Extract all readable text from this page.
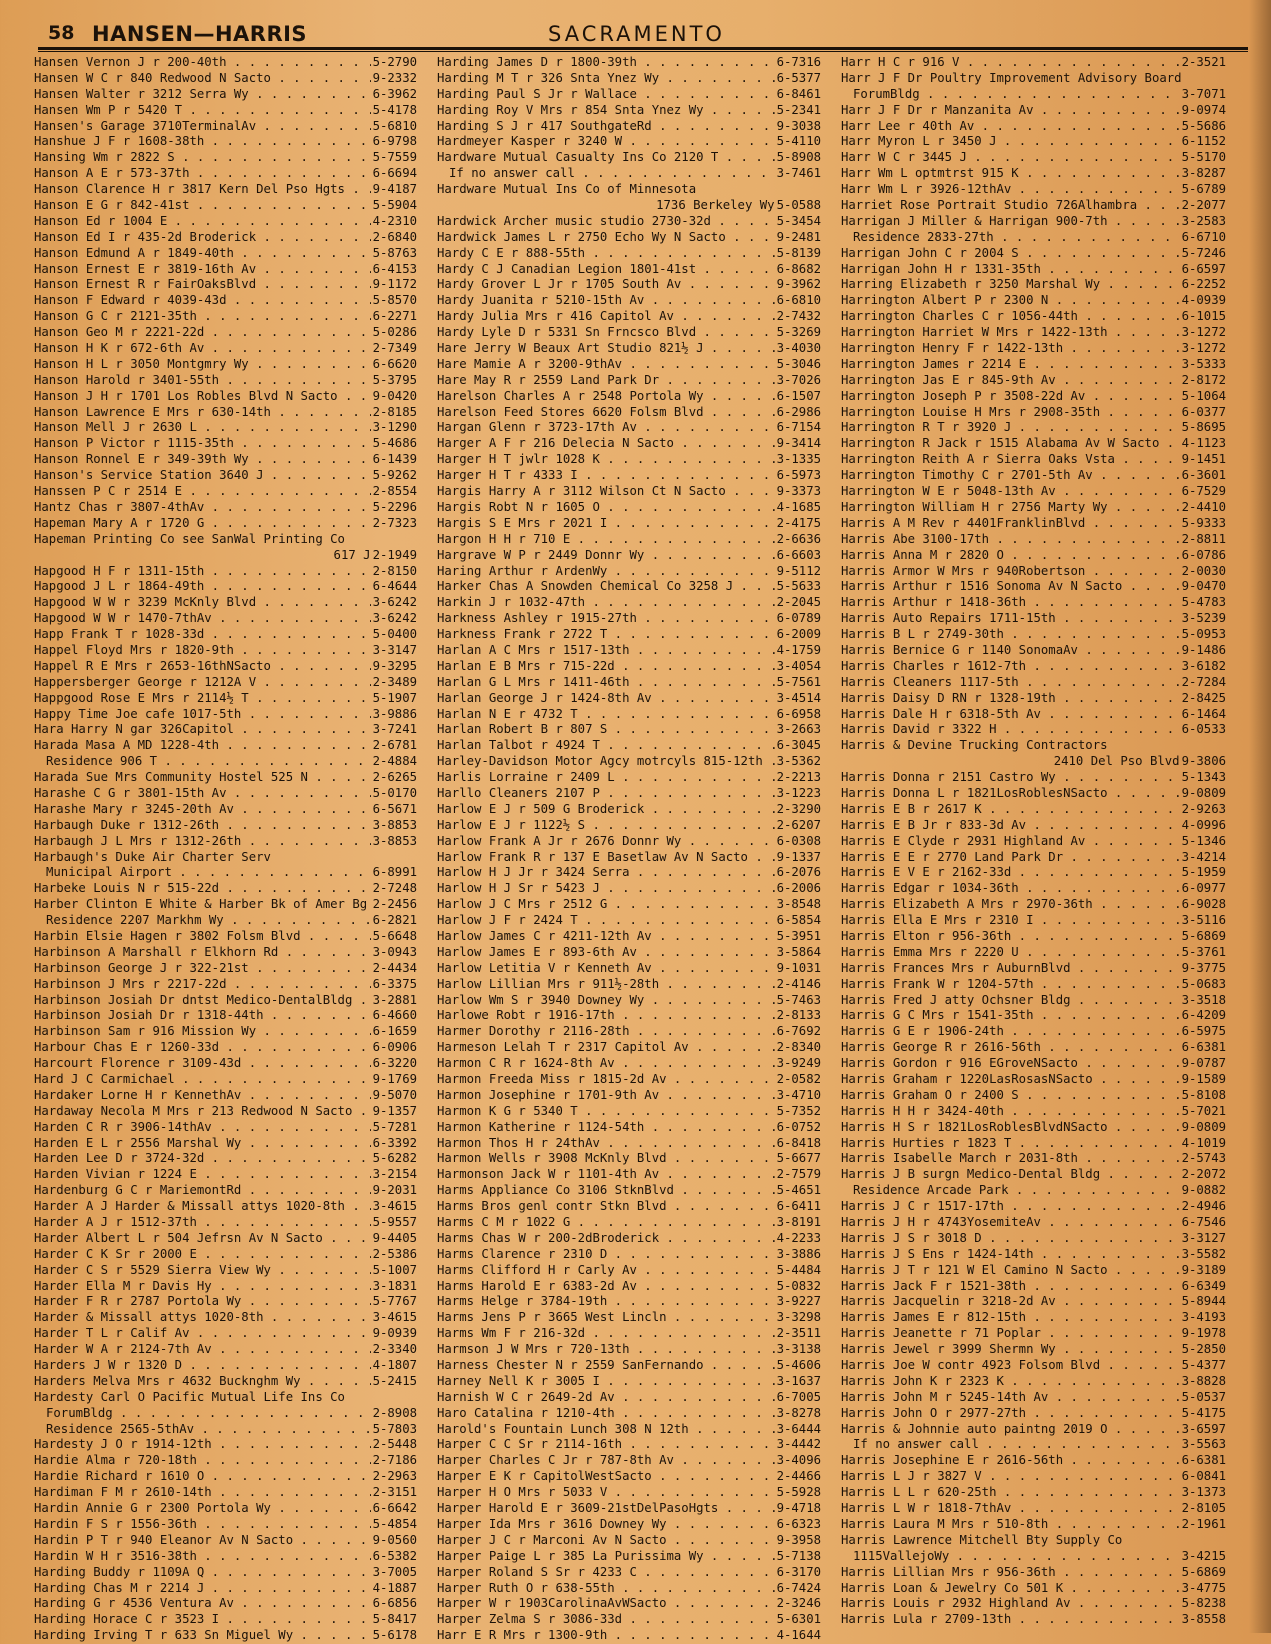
58 HANSEN—HARRIS	SACRAMENTO
Hansen Vernon J r 200-40th . . .	5-2790
Hansen W C r 840 Redwood N Sacto . . .	9-2332
Hansen Walter r 3212 Serra Wy . . .	6-3962
Hansen Wm P r 5420 T . . .	5-4178
Hansen's Garage 3710TerminalAv . . .	5-6810
Hanshue J F r 1608-38th . . .	6-9798
Hansing Wm r 2822 S . . .	5-7559
Hanson A E r 573-37th . . .	6-6694
Hanson Clarence H r 3817 Kern Del Pso Hgts . . .	9-4187
Hanson E G r 842-41st . . .	5-5904
Hanson Ed r 1004 E . . .	4-2310
Hanson Ed I r 435-2d Broderick . . .	2-6840
Hanson Edmund A r 1849-40th . . .	5-8763
Hanson Ernest E r 3819-16th Av . . .	6-4153
Hanson Ernest R r FairOaksBlvd . . .	9-1172
Hanson F Edward r 4039-43d . . .	5-8570
Hanson G C r 2121-35th . . .	6-2271
Hanson Geo M r 2221-22d . . .	5-0286
Hanson H K r 672-6th Av . . .	2-7349
Hanson H L r 3050 Montgmry Wy . . .	6-6620
Hanson Harold r 3401-55th . . .	5-3795
Hanson J H r 1701 Los Robles Blvd N Sacto . . .	9-0420
Hanson Lawrence E Mrs r 630-14th . . .	2-8185
Hanson Mell J r 2630 L . . .	3-1290
Hanson P Victor r 1115-35th . . .	5-4686
Hanson Ronnel E r 349-39th Wy . . .	6-1439
Hanson's Service Station 3640 J . . .	5-9262
Hanssen P C r 2514 E . . .	2-8554
Hantz Chas r 3807-4thAv . . .	5-2296
Hapeman Mary A r 1720 G . . .	2-7323
Hapeman Printing Co see SanWal Printing Co
617 J 2-1949
Hapgood H F r 1311-15th . . .	2-8150
Hapgood J L r 1864-49th . . .	6-4644
Hapgood W W r 3239 McKnly Blvd . . .	3-6242
Hapgood W W r 1470-7thAv . . .	3-6242
Happ Frank T r 1028-33d . . .	5-0400
Happel Floyd Mrs r 1820-9th . . .	3-3147
Happel R E Mrs r 2653-16thNSacto . . .	9-3295
Happersberger George r 1212A V . . .	2-3489
Happgood Rose E Mrs r 2114½ T . . .	5-1907
Happy Time Joe cafe 1017-5th . . .	3-9886
Hara Harry N gar 326Capitol . . .	3-7241
Harada Masa A MD 1228-4th . . .	2-6781
Residence 906 T . . .	2-4884
Harada Sue Mrs Community Hostel 525 N . . .	2-6265
Harashe C G r 3801-15th Av . . .	5-0170
Harashe Mary r 3245-20th Av . . .	6-5671
Harbaugh Duke r 1312-26th . . .	3-8853
Harbaugh J L Mrs r 1312-26th . . .	3-8853
Harbaugh's Duke Air Charter Serv
Municipal Airport . . .	6-8991
Harbeke Louis N r 515-22d . . .	2-7248
Harber Clinton E White & Harber Bk of Amer Bg . . . 2-2456
Residence 2207 Markhm Wy . . .	6-2821
Harbin Elsie Hagen r 3802 Folsm Blvd . . .	5-6648
Harbinson A Marshall r Elkhorn Rd . . .	3-0943
Harbinson George J r 322-21st . . .	2-4434
Harbinson J Mrs r 2217-22d . . .	6-3375
Harbinson Josiah Dr dntst Medico-DentalBldg . . .	3-2881
Harbinson Josiah Dr r 1318-44th . . .	6-4660
Harbinson Sam r 916 Mission Wy . . .	6-1659
Harbour Chas E r 1260-33d . . .	6-0906
Harcourt Florence r 3109-43d . . .	6-3220
Hard J C Carmichael . . .	9-1769
Hardaker Lorne H r KennethAv . . .	9-5070
Hardaway Necola M Mrs r 213 Redwood N Sacto . . .	9-1357
Harden C R r 3906-14thAv . . .	5-7281
Harden E L r 2556 Marshal Wy . . .	6-3392
Harden Lee D r 3724-32d . . .	5-6282
Harden Vivian r 1224 E . . .	3-2154
Hardenburg G C r MariemontRd . . .	9-2031
Harder A J Harder & Missall attys 1020-8th . . .	3-4615
Harder A J r 1512-37th . . .	5-9557
Harder Albert L r 504 Jefrsn Av N Sacto . . .	9-4405
Harder C K Sr r 2000 E . . .	2-5386
Harder C S r 5529 Sierra View Wy . . .	5-1007
Harder Ella M r Davis Hy . . .	3-1831
Harder F R r 2787 Portola Wy . . .	5-7767
Harder & Missall attys 1020-8th . . .	3-4615
Harder T L r Calif Av . . .	9-0939
Harder W A r 2124-7th Av . . .	2-3340
Harders J W r 1320 D . . .	4-1807
Harders Melva Mrs r 4632 Bucknghm Wy . . .	5-2415
Hardesty Carl O Pacific Mutual Life Ins Co
ForumBldg . . .	2-8908
Residence 2565-5thAv . . .	5-7803
Hardesty J O r 1914-12th . . .	2-5448
Hardie Alma r 720-18th . . .	2-7186
Hardie Richard r 1610 O . . .	2-2963
Hardiman F M r 2610-14th . . .	2-3151
Hardin Annie G r 2300 Portola Wy . . .	6-6642
Hardin F S r 1556-36th . . .	5-4854
Hardin P T r 940 Eleanor Av N Sacto . . .	9-0560
Hardin W H r 3516-38th . . .	6-5382
Harding Buddy r 1109A Q . . .	3-7005
Harding Chas M r 2214 J . . .	4-1887
Harding G r 4536 Ventura Av . . .	6-6856
Harding Horace C r 3523 I . . .	5-8417
Harding Irving T r 633 Sn Miguel Wy . . .	5-6178
Harding James D r 1800-39th . . .	6-7316
Harding M T r 326 Snta Ynez Wy . . .	6-5377
Harding Paul S Jr r Wallace . . .	6-8461
Harding Roy V Mrs r 854 Snta Ynez Wy . . .	5-2341
Harding S J r 417 SouthgateRd . . .	9-3038
Hardmeyer Kasper r 3240 W . . .	5-4110
Hardware Mutual Casualty Ins Co 2120 T . . .	5-8908
If no answer call . . .	3-7461
Hardware Mutual Ins Co of Minnesota
1736 Berkeley Wy 5-0588
Hardwick Archer music studio 2730-32d . . .	5-3454
Hardwick James L r 2750 Echo Wy N Sacto . . .	9-2481
Hardy C E r 888-55th . . .	5-8139
Hardy C J Canadian Legion 1801-41st . . .	6-8682
Hardy Grover L Jr r 1705 South Av . . .	9-3962
Hardy Juanita r 5210-15th Av . . .	6-6810
Hardy Julia Mrs r 416 Capitol Av . . .	2-7432
Hardy Lyle D r 5331 Sn Frncsco Blvd . . .	5-3269
Hare Jerry W Beaux Art Studio 821½ J . . .	3-4030
Hare Mamie A r 3200-9thAv . . .	5-3046
Hare May R r 2559 Land Park Dr . . .	3-7026
Harelson Charles A r 2548 Portola Wy . . .	6-1507
Harelson Feed Stores 6620 Folsm Blvd . . .	6-2986
Hargan Glenn r 3723-17th Av . . .	6-7154
Harger A F r 216 Delecia N Sacto . . .	9-3414
Harger H T jwlr 1028 K . . .	3-1335
Harger H T r 4333 I . . .	6-5973
Hargis Harry A r 3112 Wilson Ct N Sacto . . .	9-3373
Hargis Robt N r 1605 O . . .	4-1685
Hargis S E Mrs r 2021 I . . .	2-4175
Hargon H H r 710 E . . .	2-6636
Hargrave W P r 2449 Donnr Wy . . .	6-6603
Haring Arthur r ArdenWy . . .	9-5112
Harker Chas A Snowden Chemical Co 3258 J . . .	5-5633
Harkin J r 1032-47th . . .	2-2045
Harkness Ashley r 1915-27th . . .	6-0789
Harkness Frank r 2722 T . . .	6-2009
Harlan A C Mrs r 1517-13th . . .	4-1759
Harlan E B Mrs r 715-22d . . .	3-4054
Harlan G L Mrs r 1411-46th . . .	5-7561
Harlan George J r 1424-8th Av . . .	3-4514
Harlan N E r 4732 T . . .	6-6958
Harlan Robert B r 807 S . . .	3-2663
Harlan Talbot r 4924 T . . .	6-3045
Harley-Davidson Motor Agcy motrcyls 815-12th . . .	3-5362
Harlis Lorraine r 2409 L . . .	2-2213
Harllo Cleaners 2107 P . . .	3-1223
Harlow E J r 509 G Broderick . . .	2-3290
Harlow E J r 1122½ S . . .	2-6207
Harlow Frank A Jr r 2676 Donnr Wy . . .	6-0308
Harlow Frank R r 137 E Basetlaw Av N Sacto . . .	9-1337
Harlow H J Jr r 3424 Serra . . .	6-2076
Harlow H J Sr r 5423 J . . .	6-2006
Harlow J C Mrs r 2512 G . . .	3-8548
Harlow J F r 2424 T . . .	6-5854
Harlow James C r 4211-12th Av . . .	5-3951
Harlow James E r 893-6th Av . . .	3-5864
Harlow Letitia V r Kenneth Av . . .	9-1031
Harlow Lillian Mrs r 911½-28th . . .	2-4146
Harlow Wm S r 3940 Downey Wy . . .	5-7463
Harlowe Robt r 1916-17th . . .	2-8133
Harmer Dorothy r 2116-28th . . .	6-7692
Harmeson Lelah T r 2317 Capitol Av . . .	2-8340
Harmon C R r 1624-8th Av . . .	3-9249
Harmon Freeda Miss r 1815-2d Av . . .	2-0582
Harmon Josephine r 1701-9th Av . . .	3-4710
Harmon K G r 5340 T . . .	5-7352
Harmon Katherine r 1124-54th . . .	6-0752
Harmon Thos H r 24thAv . . .	6-8418
Harmon Wells r 3908 McKnly Blvd . . .	5-6677
Harmonson Jack W r 1101-4th Av . . .	2-7579
Harms Appliance Co 3106 StknBlvd . . .	5-4651
Harms Bros genl contr Stkn Blvd . . .	6-6411
Harms C M r 1022 G . . .	3-8191
Harms Chas W r 200-2dBroderick . . .	4-2233
Harms Clarence r 2310 D . . .	3-3886
Harms Clifford H r Carly Av . . .	5-4484
Harms Harold E r 6383-2d Av . . .	5-0832
Harms Helge r 3784-19th . . .	3-9227
Harms Jens P r 3665 West Lincln . . .	3-3298
Harms Wm F r 216-32d . . .	2-3511
Harmson J W Mrs r 720-13th . . .	3-3138
Harness Chester N r 2559 SanFernando . . .	5-4606
Harney Nell K r 3005 I . . .	3-1637
Harnish W C r 2649-2d Av . . .	6-7005
Haro Catalina r 1210-4th . . .	3-8278
Harold's Fountain Lunch 308 N 12th . . .	3-6444
Harper C C Sr r 2114-16th . . .	3-4442
Harper Charles C Jr r 787-8th Av . . .	3-4096
Harper E K r CapitolWestSacto . . .	2-4466
Harper H O Mrs r 5033 V . . .	5-5928
Harper Harold E r 3609-21stDelPasoHgts . . .	9-4718
Harper Ida Mrs r 3616 Downey Wy . . .	6-6323
Harper J C r Marconi Av N Sacto . . .	9-3958
Harper Paige L r 385 La Purissima Wy . . .	5-7138
Harper Roland S Sr r 4233 C . . .	6-3170
Harper Ruth O r 638-55th . . .	6-7424
Harper W r 1903CarolinaAvWSacto . . .	2-3246
Harper Zelma S r 3086-33d . . .	5-6301
Harr E R Mrs r 1300-9th . . .	4-1644
Harr H C r 916 V . . .	2-3521
Harr J F Dr Poultry Improvement Advisory Board
ForumBldg . . .	3-7071
Harr J F Dr r Manzanita Av . . .	9-0974
Harr Lee r 40th Av . . .	5-5686
Harr Myron L r 3450 J . . .	6-1152
Harr W C r 3445 J . . .	5-5170
Harr Wm L optmtrst 915 K . . .	3-8287
Harr Wm L r 3926-12thAv . . .	5-6789
Harriet Rose Portrait Studio 726Alhambra . . .	2-2077
Harrigan J Miller & Harrigan 900-7th . . .	3-2583
Residence 2833-27th . . .	6-6710
Harrigan John C r 2004 S . . .	5-7246
Harrigan John H r 1331-35th . . .	6-6597
Harring Elizabeth r 3250 Marshal Wy . . .	6-2252
Harrington Albert P r 2300 N . . .	4-0939
Harrington Charles C r 1056-44th . . .	6-1015
Harrington Harriet W Mrs r 1422-13th . . .	3-1272
Harrington Henry F r 1422-13th . . .	3-1272
Harrington James r 2214 E . . .	3-5333
Harrington Jas E r 845-9th Av . . .	2-8172
Harrington Joseph P r 3508-22d Av . . .	5-1064
Harrington Louise H Mrs r 2908-35th . . .	6-0377
Harrington R T r 3920 J . . .	5-8695
Harrington R Jack r 1515 Alabama Av W Sacto . . .	4-1123
Harrington Reith A r Sierra Oaks Vsta . . .	9-1451
Harrington Timothy C r 2701-5th Av . . .	6-3601
Harrington W E r 5048-13th Av . . .	6-7529
Harrington William H r 2756 Marty Wy . . .	2-4410
Harris A M Rev r 4401FranklinBlvd . . .	5-9333
Harris Abe 3100-17th . . .	2-8811
Harris Anna M r 2820 O . . .	6-0786
Harris Armor W Mrs r 940Robertson . . .	2-0030
Harris Arthur r 1516 Sonoma Av N Sacto . . .	9-0470
Harris Arthur r 1418-36th . . .	5-4783
Harris Auto Repairs 1711-15th . . .	3-5239
Harris B L r 2749-30th . . .	5-0953
Harris Bernice G r 1140 SonomaAv . . .	9-1486
Harris Charles r 1612-7th . . .	3-6182
Harris Cleaners 1117-5th . . .	2-7284
Harris Daisy D RN r 1328-19th . . .	2-8425
Harris Dale H r 6318-5th Av . . .	6-1464
Harris David r 3322 H . . .	6-0533
Harris & Devine Trucking Contractors
2410 Del Pso Blvd 9-3806
Harris Donna r 2151 Castro Wy . . .	5-1343
Harris Donna L r 1821LosRoblesNSacto . . .	9-0809
Harris E B r 2617 K . . .	2-9263
Harris E B Jr r 833-3d Av . . .	4-0996
Harris E Clyde r 2931 Highland Av . . .	5-1346
Harris E E r 2770 Land Park Dr . . .	3-4214
Harris E V E r 2162-33d . . .	5-1959
Harris Edgar r 1034-36th . . .	6-0977
Harris Elizabeth A Mrs r 2970-36th . . .	6-9028
Harris Ella E Mrs r 2310 I . . .	3-5116
Harris Elton r 956-36th . . .	5-6869
Harris Emma Mrs r 2220 U . . .	5-3761
Harris Frances Mrs r AuburnBlvd . . .	9-3775
Harris Frank W r 1204-57th . . .	5-0683
Harris Fred J atty Ochsner Bldg . . .	3-3518
Harris G C Mrs r 1541-35th . . .	6-4209
Harris G E r 1906-24th . . .	6-5975
Harris George R r 2616-56th . . .	6-6381
Harris Gordon r 916 EGroveNSacto . . .	9-0787
Harris Graham r 1220LasRosasNSacto . . .	9-1589
Harris Graham O r 2400 S . . .	5-8108
Harris H H r 3424-40th . . .	5-7021
Harris H S r 1821LosRoblesBlvdNSacto . . .	9-0809
Harris Hurties r 1823 T . . .	4-1019
Harris Isabelle March r 2031-8th . . .	2-5743
Harris J B surgn Medico-Dental Bldg . . .	2-2072
Residence Arcade Park . . .	9-0882
Harris J C r 1517-17th . . .	2-4946
Harris J H r 4743YosemiteAv . . .	6-7546
Harris J S r 3018 D . . .	3-3127
Harris J S Ens r 1424-14th . . .	3-5582
Harris J T r 121 W El Camino N Sacto . . .	9-3189
Harris Jack F r 1521-38th . . .	6-6349
Harris Jacquelin r 3218-2d Av . . .	5-8944
Harris James E r 812-15th . . .	3-4193
Harris Jeanette r 71 Poplar . . .	9-1978
Harris Jewel r 3999 Shermn Wy . . .	5-2850
Harris Joe W contr 4923 Folsom Blvd . . .	5-4377
Harris John K r 2323 K . . .	3-8828
Harris John M r 5245-14th Av . . .	5-0537
Harris John O r 2977-27th . . .	5-4175
Harris & Johnnie auto paintng 2019 O . . .	3-6597
If no answer call . . .	3-5563
Harris Josephine E r 2616-56th . . .	6-6381
Harris L J r 3827 V . . .	6-0841
Harris L L r 620-25th . . .	3-1373
Harris L W r 1818-7thAv . . .	2-8105
Harris Laura M Mrs r 510-8th . . .	2-1961
Harris Lawrence Mitchell Bty Supply Co
1115VallejoWy . . .	3-4215
Harris Lillian Mrs r 956-36th . . .	5-6869
Harris Loan & Jewelry Co 501 K . . .	3-4775
Harris Louis r 2932 Highland Av . . .	5-8238
Harris Lula r 2709-13th . . .	3-8558
